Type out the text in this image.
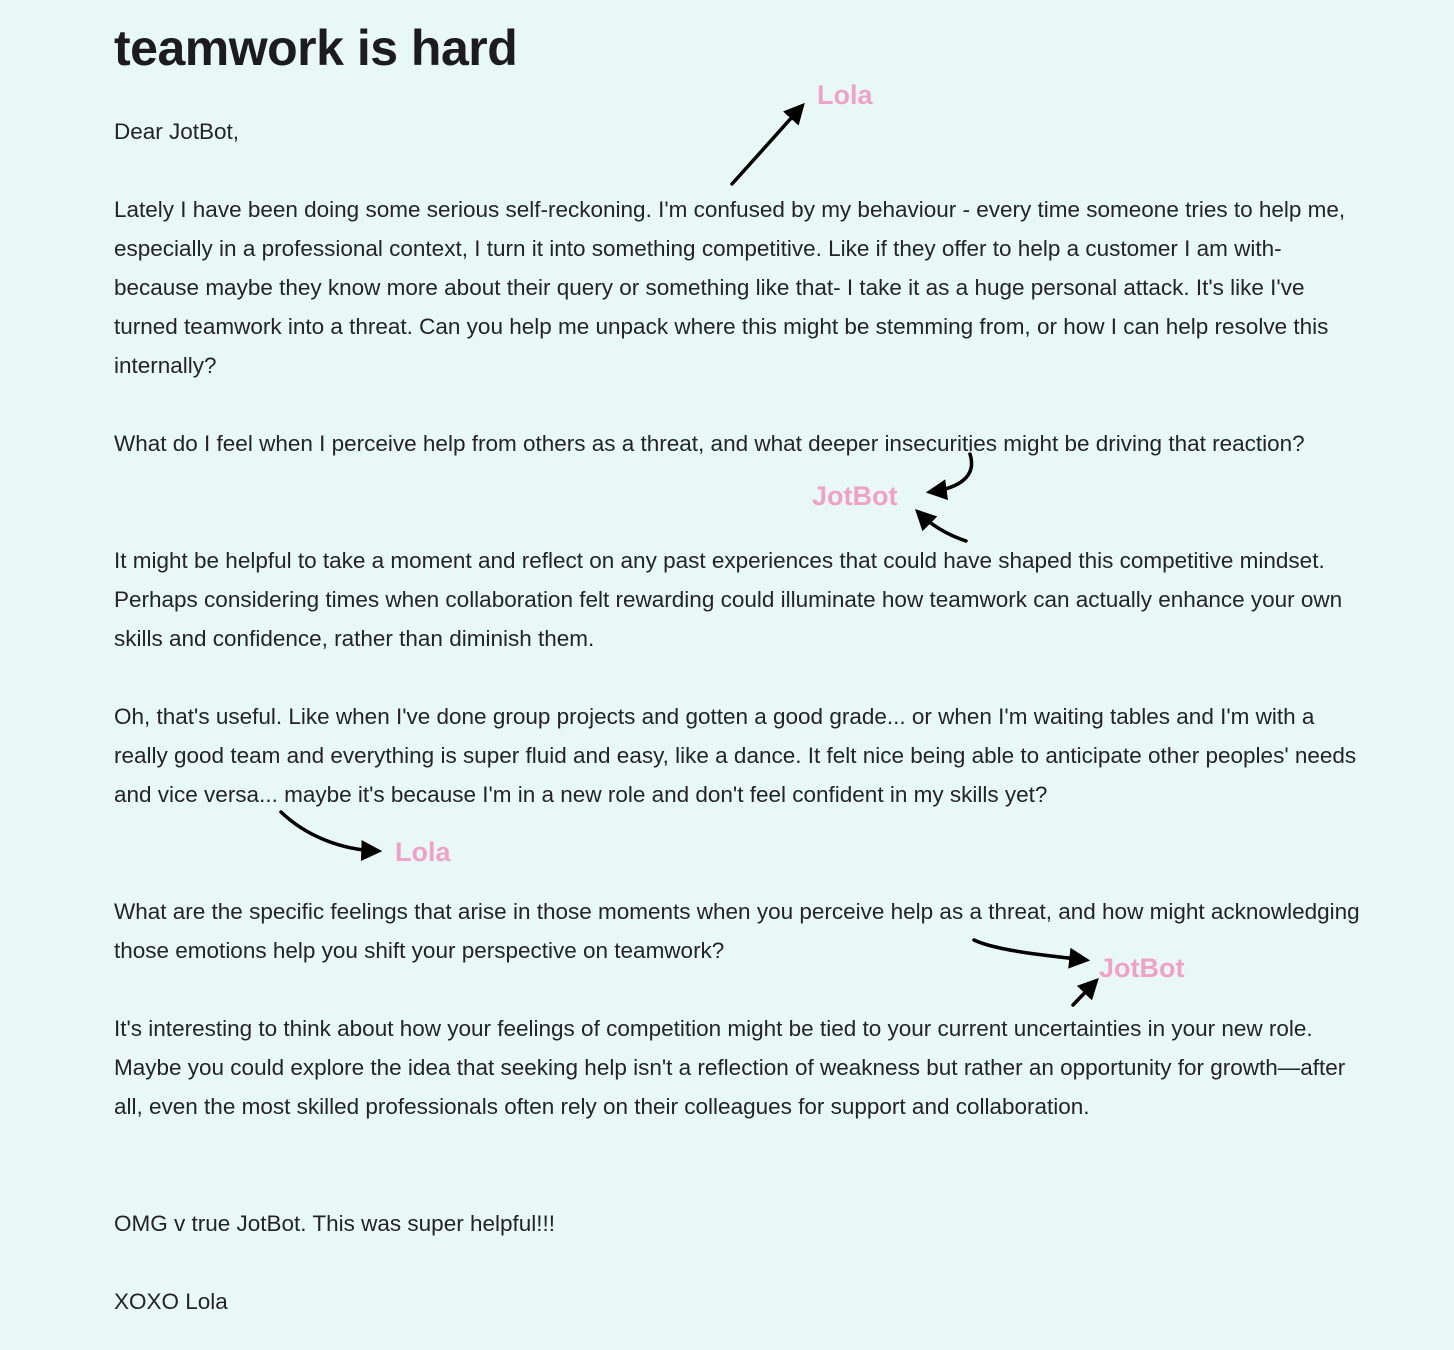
teamwork is hard

Dear JotBot,

Lately I have been doing some serious self-reckoning. I'm confused by my behaviour - every time someone tries to help me, especially in a professional context, I turn it into something competitive. Like if they offer to help a customer I am with- because maybe they know more about their query or something like that- I take it as a huge personal attack. It's like I've turned teamwork into a threat. Can you help me unpack where this might be stemming from, or how I can help resolve this internally?

What do I feel when I perceive help from others as a threat, and what deeper insecurities might be driving that reaction?

It might be helpful to take a moment and reflect on any past experiences that could have shaped this competitive mindset. Perhaps considering times when collaboration felt rewarding could illuminate how teamwork can actually enhance your own skills and confidence, rather than diminish them.

Oh, that's useful. Like when I've done group projects and gotten a good grade... or when I'm waiting tables and I'm with a really good team and everything is super fluid and easy, like a dance. It felt nice being able to anticipate other peoples' needs and vice versa... maybe it's because I'm in a new role and don't feel confident in my skills yet?

What are the specific feelings that arise in those moments when you perceive help as a threat, and how might acknowledging those emotions help you shift your perspective on teamwork?

It's interesting to think about how your feelings of competition might be tied to your current uncertainties in your new role. Maybe you could explore the idea that seeking help isn't a reflection of weakness but rather an opportunity for growth—after all, even the most skilled professionals often rely on their colleagues for support and collaboration.

OMG v true JotBot. This was super helpful!!!

XOXO Lola

Lola
JotBot
Lola
JotBot
